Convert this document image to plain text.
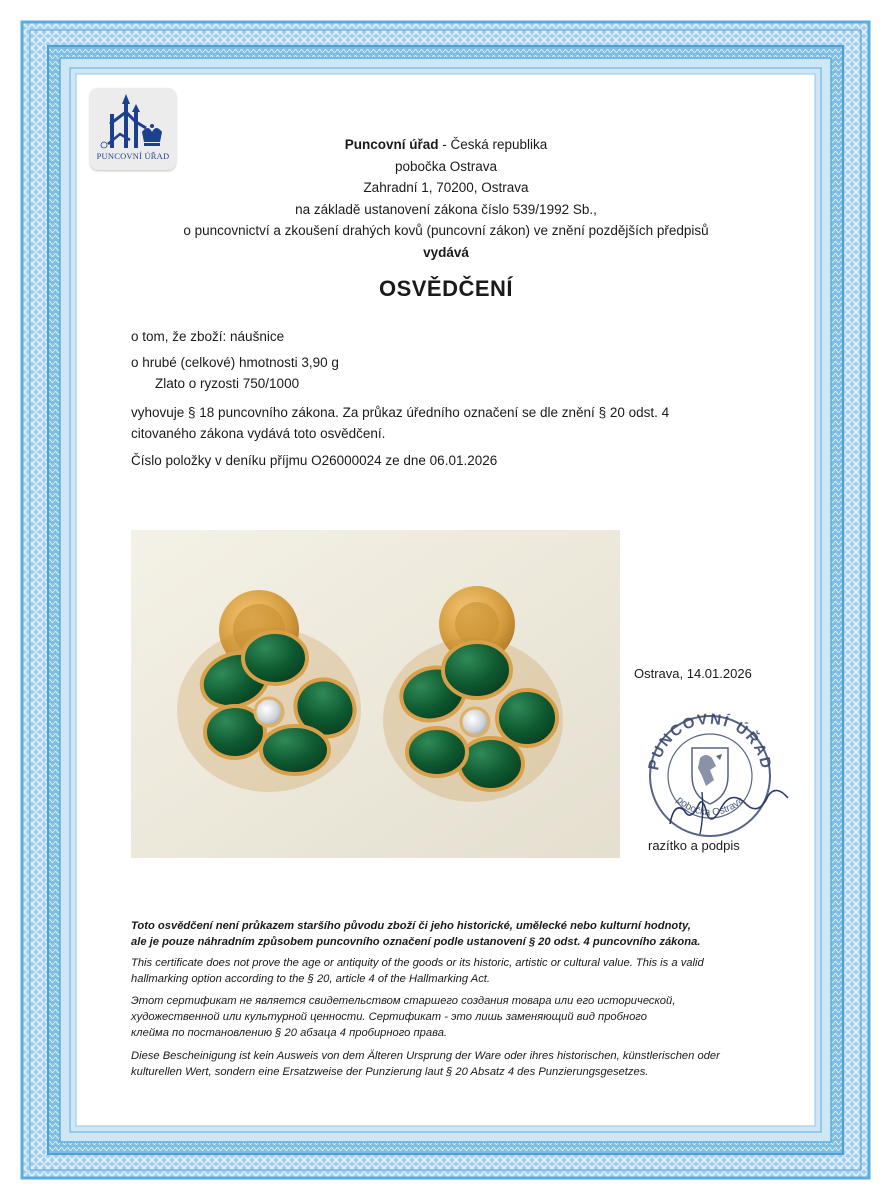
PUNCOVNÍ ÚŘAD
Puncovní úřad - Česká republika
pobočka Ostrava
Zahradní 1, 70200, Ostrava
na základě ustanovení zákona číslo 539/1992 Sb.,
o puncovnictví a zkoušení drahých kovů (puncovní zákon) ve znění pozdějších předpisů
vydává
OSVĚDČENÍ
o tom, že zboží: náušnice
o hrubé (celkové) hmotnosti 3,90 g
Zlato o ryzosti 750/1000
vyhovuje § 18 puncovního zákona. Za průkaz úředního označení se dle znění § 20 odst. 4
citovaného zákona vydává toto osvědčení.
Číslo položky v deníku příjmu O26000024 ze dne 06.01.2026
Ostrava, 14.01.2026
PUNCOVNÍ ÚŘAD
pobočka Ostrava
razítko a podpis
Toto osvědčení není průkazem staršího původu zboží či jeho historické, umělecké nebo kulturní hodnoty,
ale je pouze náhradním způsobem puncovního označení podle ustanovení § 20 odst. 4 puncovního zákona.
This certificate does not prove the age or antiquity of the goods or its historic, artistic or cultural value. This is a valid
hallmarking option according to the § 20, article 4 of the Hallmarking Act.
Этот сертификат не является свидетельством старшего создания товара или его исторической,
художественной или культурной ценности. Сертификат - это лишь заменяющий вид пробного
клейма по постановлению § 20 абзаца 4 пробирного права.
Diese Bescheinigung ist kein Ausweis von dem Älteren Ursprung der Ware oder ihres historischen, künstlerischen oder
kulturellen Wert, sondern eine Ersatzweise der Punzierung laut § 20 Absatz 4 des Punzierungsgesetzes.
